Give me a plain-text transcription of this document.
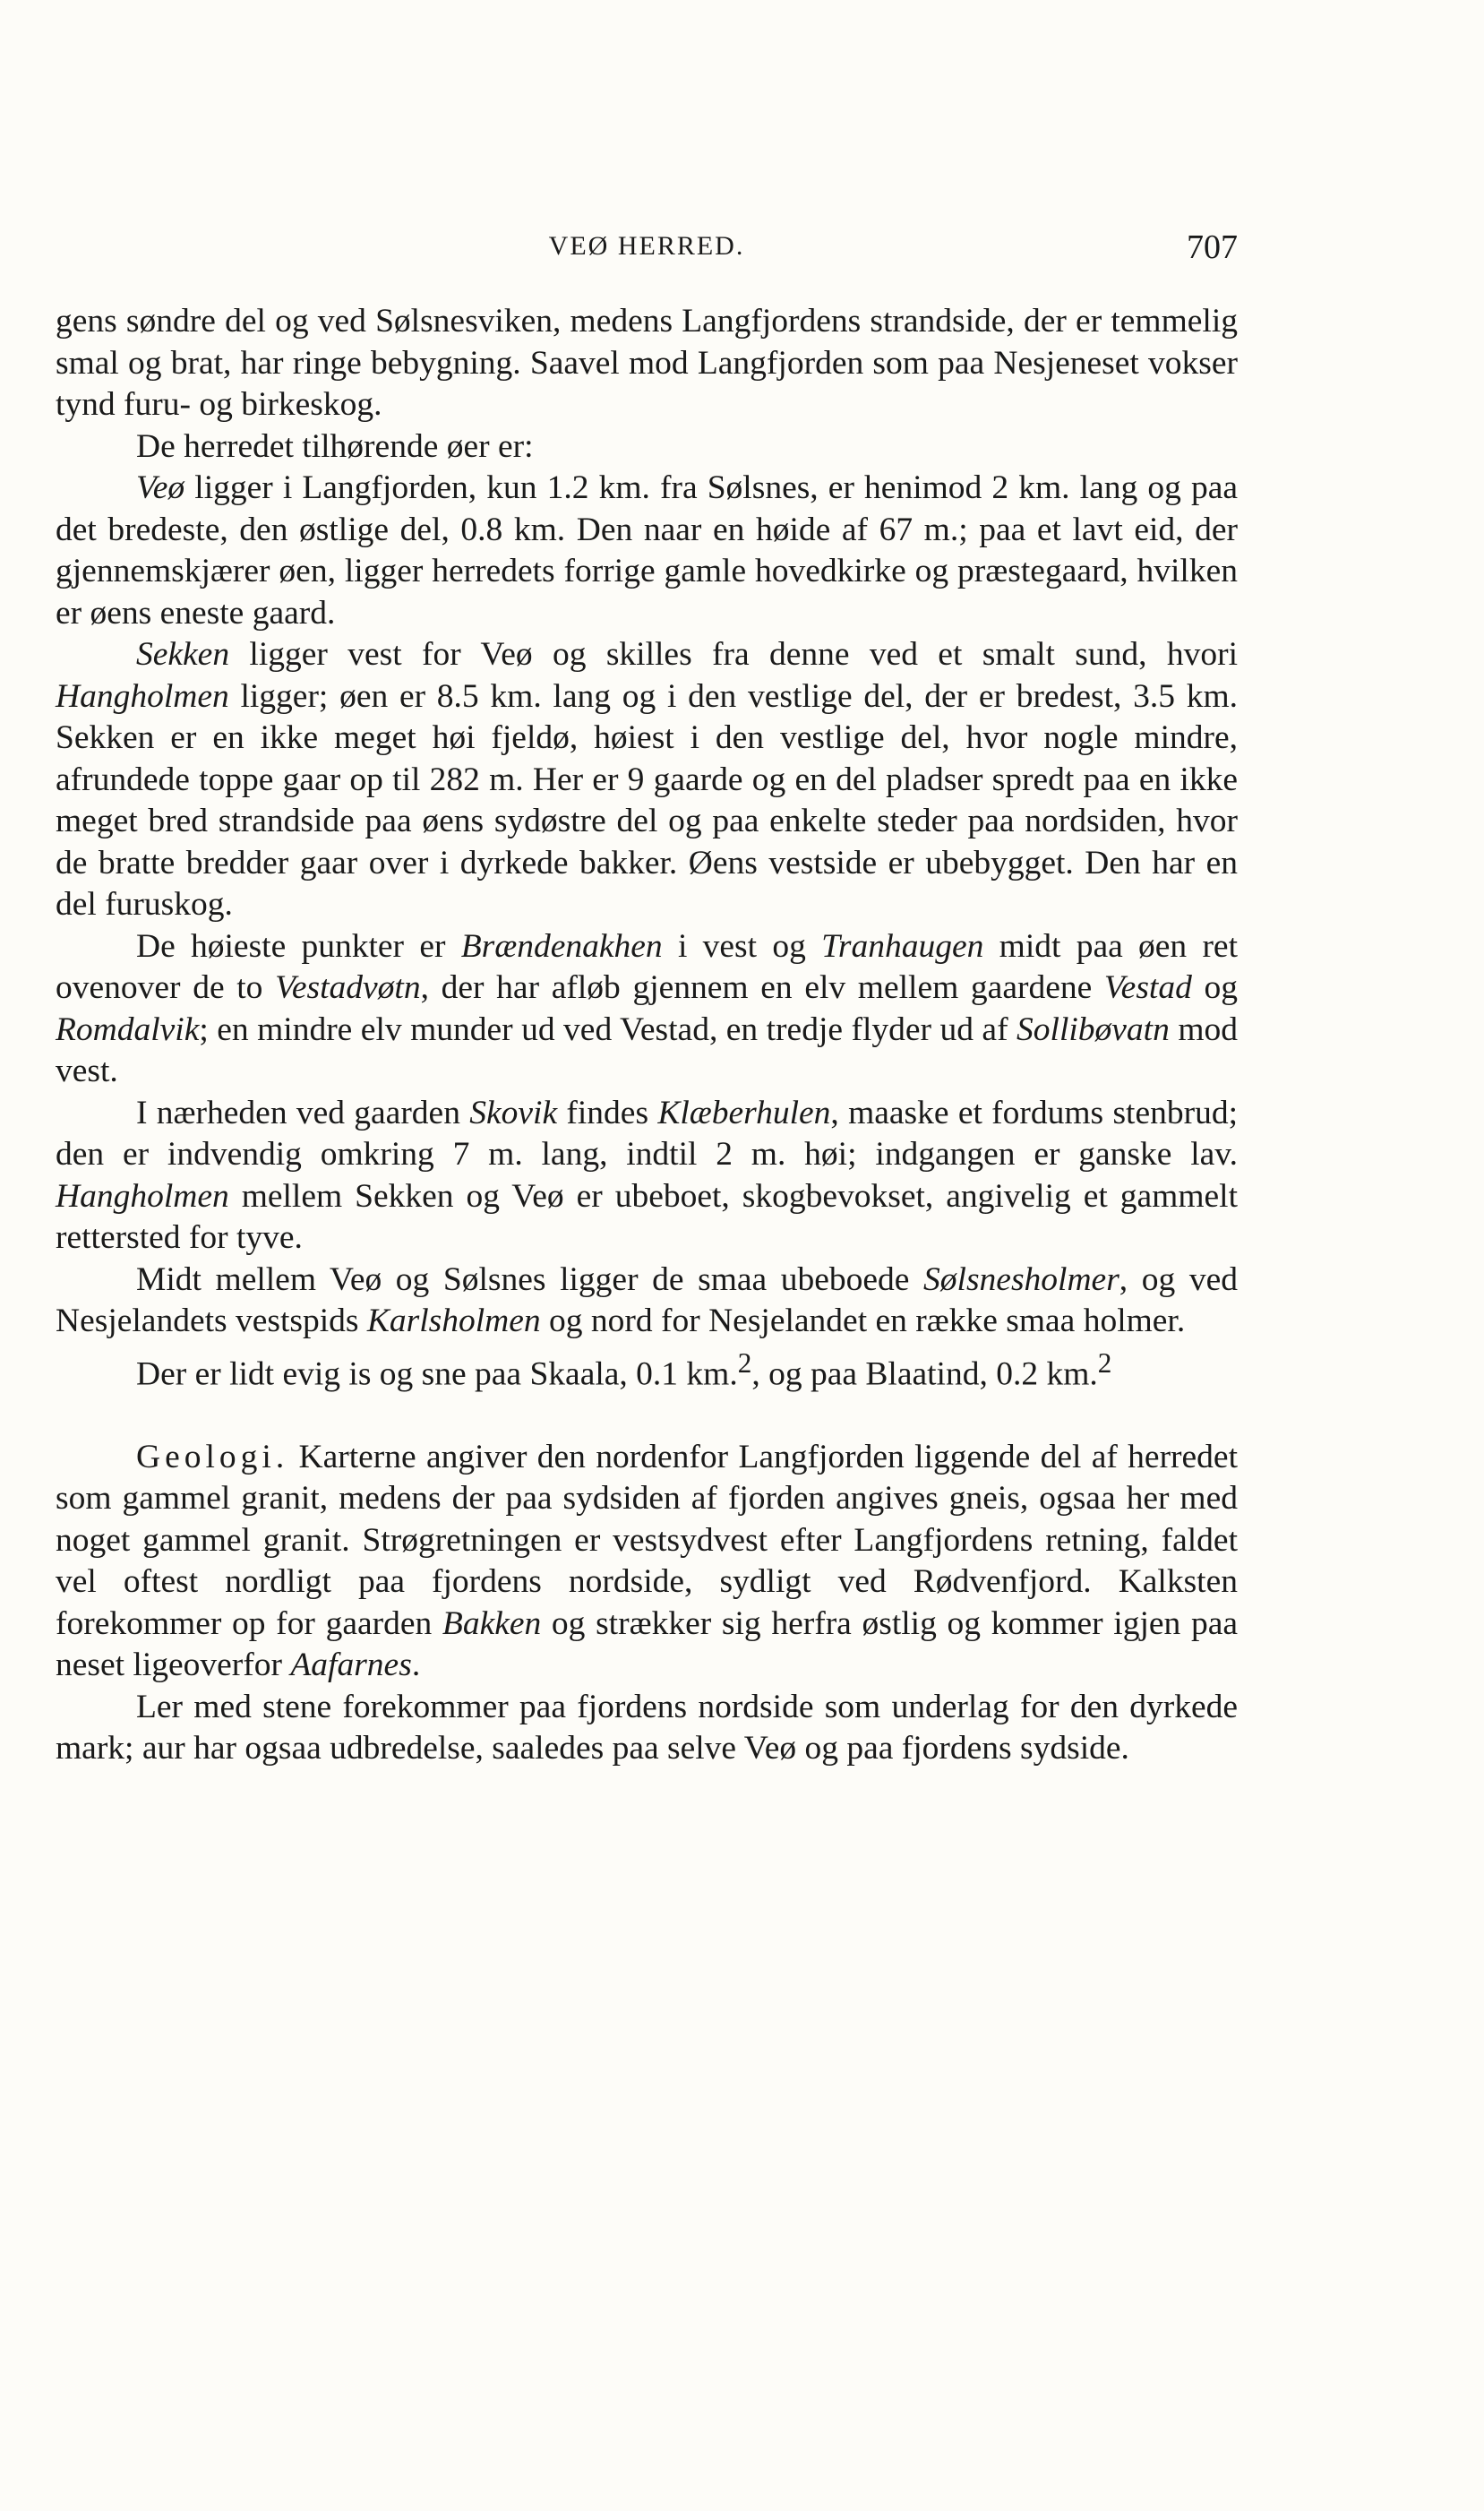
VEØ HERRED.	707

gens søndre del og ved Sølsnesviken, medens Langfjordens strandside, der er temmelig smal og brat, har ringe bebygning. Saavel mod Langfjorden som paa Nesjeneset vokser tynd furu- og birkeskog.

De herredet tilhørende øer er:

Veø ligger i Langfjorden, kun 1.2 km. fra Sølsnes, er henimod 2 km. lang og paa det bredeste, den østlige del, 0.8 km. Den naar en høide af 67 m.; paa et lavt eid, der gjennemskjærer øen, ligger herredets forrige gamle hovedkirke og præstegaard, hvilken er øens eneste gaard.

Sekken ligger vest for Veø og skilles fra denne ved et smalt sund, hvori Hangholmen ligger; øen er 8.5 km. lang og i den vestlige del, der er bredest, 3.5 km. Sekken er en ikke meget høi fjeldø, høiest i den vestlige del, hvor nogle mindre, afrundede toppe gaar op til 282 m. Her er 9 gaarde og en del pladser spredt paa en ikke meget bred strandside paa øens sydøstre del og paa enkelte steder paa nordsiden, hvor de bratte bredder gaar over i dyrkede bakker. Øens vestside er ubebygget. Den har en del furuskog.

De høieste punkter er Brændenakhen i vest og Tranhaugen midt paa øen ret ovenover de to Vestadvøtn, der har afløb gjennem en elv mellem gaardene Vestad og Romdalvik; en mindre elv munder ud ved Vestad, en tredje flyder ud af Sollibøvatn mod vest.

I nærheden ved gaarden Skovik findes Klæberhulen, maaske et fordums stenbrud; den er indvendig omkring 7 m. lang, indtil 2 m. høi; indgangen er ganske lav. Hangholmen mellem Sekken og Veø er ubeboet, skogbevokset, angivelig et gammelt rettersted for tyve.

Midt mellem Veø og Sølsnes ligger de smaa ubeboede Sølsnesholmer, og ved Nesjelandets vestspids Karlsholmen og nord for Nesjelandet en række smaa holmer.

Der er lidt evig is og sne paa Skaala, 0.1 km.$^2$, og paa Blaatind, 0.2 km.$^2$

Geologi. Karterne angiver den nordenfor Langfjorden liggende del af herredet som gammel granit, medens der paa sydsiden af fjorden angives gneis, ogsaa her med noget gammel granit. Strøgretningen er vestsydvest efter Langfjordens retning, faldet vel oftest nordligt paa fjordens nordside, sydligt ved Rødvenfjord. Kalksten forekommer op for gaarden Bakken og strækker sig herfra østlig og kommer igjen paa neset ligeoverfor Aafarnes.

Ler med stene forekommer paa fjordens nordside som underlag for den dyrkede mark; aur har ogsaa udbredelse, saaledes paa selve Veø og paa fjordens sydside.
